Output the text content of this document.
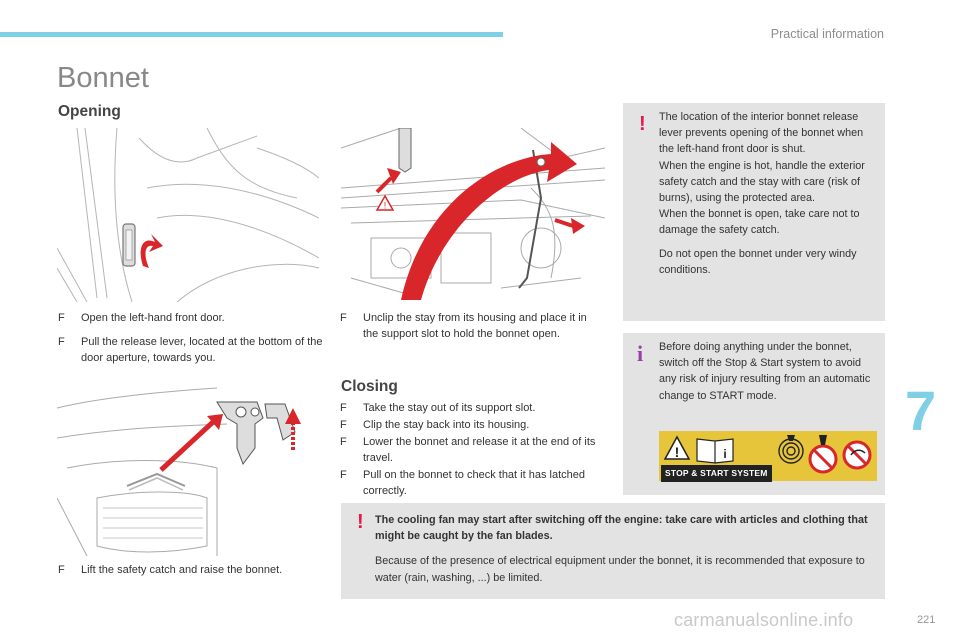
Practical information
7
221
carmanualsonline.info
Bonnet
Opening
!
F Open the left-hand front door.
F Pull the release lever, located at the bottom of the door aperture, towards you.
F Unclip the stay from its housing and place it in the support slot to hold the bonnet open.
F Lift the safety catch and raise the bonnet.
Closing
F Take the stay out of its support slot.
F Clip the stay back into its housing.
F Lower the bonnet and release it at the end of its travel.
F Pull on the bonnet to check that it has latched correctly.
! The location of the interior bonnet release lever prevents opening of the bonnet when the left-hand front door is shut.

When the engine is hot, handle the exterior safety catch and the stay with care (risk of burns), using the protected area.

When the bonnet is open, take care not to damage the safety catch.

Do not open the bonnet under very windy conditions.

i Before doing anything under the bonnet, switch off the Stop & Start system to avoid any risk of injury resulting from an automatic change to START mode.

!	i
STOP & START SYSTEM
! The cooling fan may start after switching off the engine: take care with articles and clothing that might be caught by the fan blades.

Because of the presence of electrical equipment under the bonnet, it is recommended that exposure to water (rain, washing, ...) be limited.
